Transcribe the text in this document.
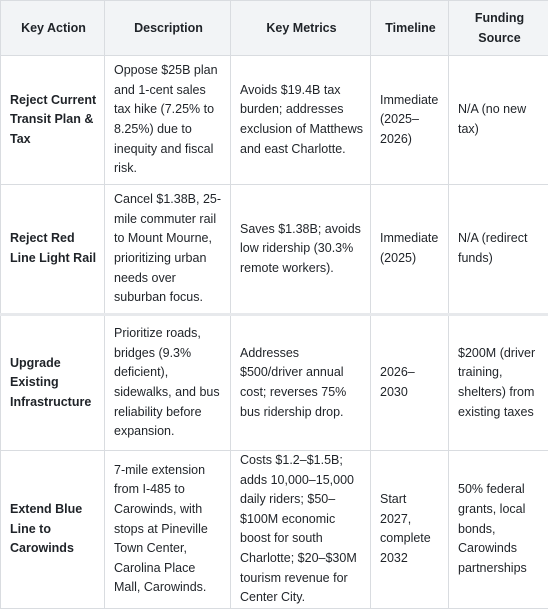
Key Action	Description	Key Metrics	Timeline	Funding Source
Reject Current Transit Plan & Tax	Oppose $25B plan and 1-cent sales tax hike (7.25% to 8.25%) due to inequity and fiscal risk.	Avoids $19.4B tax burden; addresses exclusion of Matthews and east Charlotte.	Immediate (2025–2026)	N/A (no new tax)
Reject Red Line Light Rail	Cancel $1.38B, 25-mile commuter rail to Mount Mourne, prioritizing urban needs over suburban focus.	Saves $1.38B; avoids low ridership (30.3% remote workers).	Immediate (2025)	N/A (redirect funds)
Upgrade Existing Infrastructure	Prioritize roads, bridges (9.3% deficient), sidewalks, and bus reliability before expansion.	Addresses $500/driver annual cost; reverses 75% bus ridership drop.	2026–2030	$200M (driver training, shelters) from existing taxes
Extend Blue Line to Carowinds	7-mile extension from I-485 to Carowinds, with stops at Pineville Town Center, Carolina Place Mall, Carowinds.	Costs $1.2–$1.5B; adds 10,000–15,000 daily riders; $50–$100M economic boost for south Charlotte; $20–$30M tourism revenue for Center City.	Start 2027, complete 2032	50% federal grants, local bonds, Carowinds partnerships
